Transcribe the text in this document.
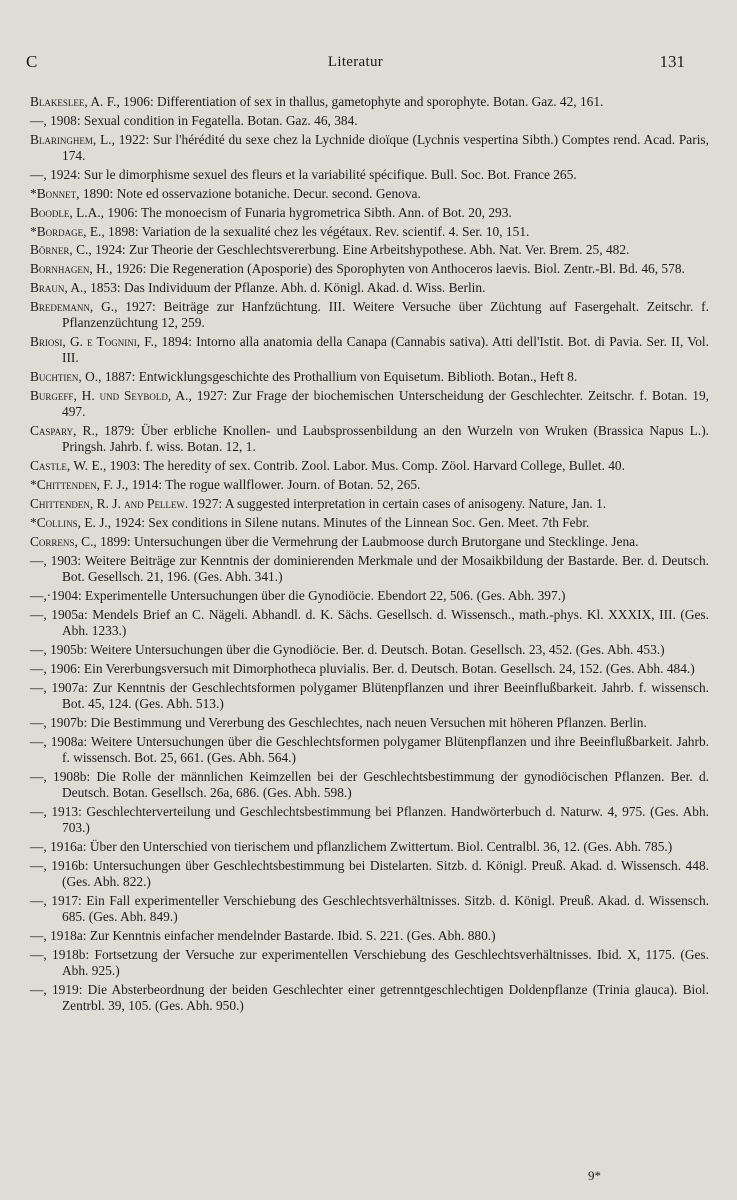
C	Literatur	131
Blakeslee, A. F., 1906: Differentiation of sex in thallus, gametophyte and sporophyte. Botan. Gaz. 42, 161.
—, 1908: Sexual condition in Fegatella. Botan. Gaz. 46, 384.
Blaringhem, L., 1922: Sur l'hérédité du sexe chez la Lychnide dioïque (Lychnis vespertina Sibth.) Comptes rend. Acad. Paris, 174.
—, 1924: Sur le dimorphisme sexuel des fleurs et la variabilité spécifique. Bull. Soc. Bot. France 265.
*Bonnet, 1890: Note ed osservazione botaniche. Decur. second. Genova.
Boodle, L.A., 1906: The monoecism of Funaria hygrometrica Sibth. Ann. of Bot. 20, 293.
*Bordage, E., 1898: Variation de la sexualité chez les végétaux. Rev. scientif. 4. Ser. 10, 151.
Börner, C., 1924: Zur Theorie der Geschlechtsvererbung. Eine Arbeitshypothese. Abh. Nat. Ver. Brem. 25, 482.
Bornhagen, H., 1926: Die Regeneration (Aposporie) des Sporophyten von Anthoceros laevis. Biol. Zentr.-Bl. Bd. 46, 578.
Braun, A., 1853: Das Individuum der Pflanze. Abh. d. Königl. Akad. d. Wiss. Berlin.
Bredemann, G., 1927: Beiträge zur Hanfzüchtung. III. Weitere Versuche über Züchtung auf Fasergehalt. Zeitschr. f. Pflanzenzüchtung 12, 259.
Briosi, G. e Tognini, F., 1894: Intorno alla anatomia della Canapa (Cannabis sativa). Atti dell'Istit. Bot. di Pavia. Ser. II, Vol. III.
Buchtien, O., 1887: Entwicklungsgeschichte des Prothallium von Equisetum. Biblioth. Botan., Heft 8.
Burgeff, H. und Seybold, A., 1927: Zur Frage der biochemischen Unterscheidung der Geschlechter. Zeitschr. f. Botan. 19, 497.
Caspary, R., 1879: Über erbliche Knollen- und Laubsprossenbildung an den Wurzeln von Wruken (Brassica Napus L.). Pringsh. Jahrb. f. wiss. Botan. 12, 1.
Castle, W. E., 1903: The heredity of sex. Contrib. Zool. Labor. Mus. Comp. Zöol. Harvard College, Bullet. 40.
*Chittenden, F. J., 1914: The rogue wallflower. Journ. of Botan. 52, 265.
Chittenden, R. J. and Pellew. 1927: A suggested interpretation in certain cases of anisogeny. Nature, Jan. 1.
*Collins, E. J., 1924: Sex conditions in Silene nutans. Minutes of the Linnean Soc. Gen. Meet. 7th Febr.
Correns, C., 1899: Untersuchungen über die Vermehrung der Laubmoose durch Brutorgane und Stecklinge. Jena.
—, 1903: Weitere Beiträge zur Kenntnis der dominierenden Merkmale und der Mosaikbildung der Bastarde. Ber. d. Deutsch. Bot. Gesellsch. 21, 196. (Ges. Abh. 341.)
—,·1904: Experimentelle Untersuchungen über die Gynodiöcie. Ebendort 22, 506. (Ges. Abh. 397.)
—, 1905a: Mendels Brief an C. Nägeli. Abhandl. d. K. Sächs. Gesellsch. d. Wissensch., math.-phys. Kl. XXXIX, III. (Ges. Abh. 1233.)
—, 1905b: Weitere Untersuchungen über die Gynodiöcie. Ber. d. Deutsch. Botan. Gesellsch. 23, 452. (Ges. Abh. 453.)
—, 1906: Ein Vererbungsversuch mit Dimorphotheca pluvialis. Ber. d. Deutsch. Botan. Gesellsch. 24, 152. (Ges. Abh. 484.)
—, 1907a: Zur Kenntnis der Geschlechtsformen polygamer Blütenpflanzen und ihrer Beeinflußbarkeit. Jahrb. f. wissensch. Bot. 45, 124. (Ges. Abh. 513.)
—, 1907b: Die Bestimmung und Vererbung des Geschlechtes, nach neuen Versuchen mit höheren Pflanzen. Berlin.
—, 1908a: Weitere Untersuchungen über die Geschlechtsformen polygamer Blütenpflanzen und ihre Beeinflußbarkeit. Jahrb. f. wissensch. Bot. 25, 661. (Ges. Abh. 564.)
—, 1908b: Die Rolle der männlichen Keimzellen bei der Geschlechtsbestimmung der gynodiöcischen Pflanzen. Ber. d. Deutsch. Botan. Gesellsch. 26a, 686. (Ges. Abh. 598.)
—, 1913: Geschlechterverteilung und Geschlechtsbestimmung bei Pflanzen. Handwörterbuch d. Naturw. 4, 975. (Ges. Abh. 703.)
—, 1916a: Über den Unterschied von tierischem und pflanzlichem Zwittertum. Biol. Centralbl. 36, 12. (Ges. Abh. 785.)
—, 1916b: Untersuchungen über Geschlechtsbestimmung bei Distelarten. Sitzb. d. Königl. Preuß. Akad. d. Wissensch. 448. (Ges. Abh. 822.)
—, 1917: Ein Fall experimenteller Verschiebung des Geschlechtsverhältnisses. Sitzb. d. Königl. Preuß. Akad. d. Wissensch. 685. (Ges. Abh. 849.)
—, 1918a: Zur Kenntnis einfacher mendelnder Bastarde. Ibid. S. 221. (Ges. Abh. 880.)
—, 1918b: Fortsetzung der Versuche zur experimentellen Verschiebung des Geschlechtsverhältnisses. Ibid. X, 1175. (Ges. Abh. 925.)
—, 1919: Die Absterbeordnung der beiden Geschlechter einer getrenntgeschlechtigen Doldenpflanze (Trinia glauca). Biol. Zentrbl. 39, 105. (Ges. Abh. 950.)
9*
